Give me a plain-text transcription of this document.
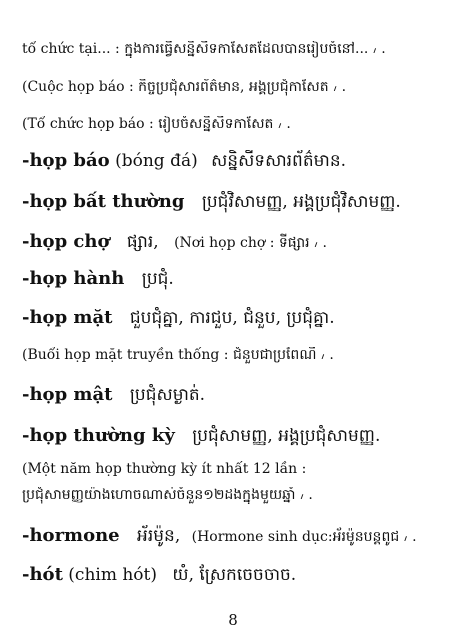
tổ chức tại... : ក្នុងការធ្វើសន្និសីទកាសែតដែលបានរៀបចំនៅ... ៸ .
(Cuộc họp báo : កិច្ចប្រជុំសារព័ត៌មាន, អង្គប្រជុំកាសែត ៸ .
(Tổ chức họp báo : រៀបចំសន្និសីទកាសែត ៸ .
-họp báo (bóng đá) សន្និសីទសារព័ត៌មាន.
-họp bất thường ប្រជុំវិសាមញ្ញ, អង្គប្រជុំវិសាមញ្ញ.
-họp chợ ផ្សារ, (Nơi họp chợ : ទីផ្សារ ៸ .
-họp hành ប្រជុំ.
-họp mặt ជួបជុំគ្នា, ការជួប, ជំនួប, ប្រជុំគ្នា.
(Buổi họp mặt truyền thống : ជំនួបជាប្រពៃណី ៸ .
-họp mật ប្រជុំសម្ងាត់.
-họp thường kỳ ប្រជុំសាមញ្ញ, អង្គប្រជុំសាមញ្ញ.
(Một năm họp thường kỳ ít nhất 12 lần :
ប្រជុំសាមញ្ញយ៉ាងហោចណាស់ចំនួន១២ដងក្នុងមួយឆ្នាំ ៸ .
-hormone អ័រម៉ូន, (Hormone sinh dục:អ័រម៉ូនបន្តពូជ ៸ .
-hót (chim hót) យំ, ស្រែកចេចចាច.
8
